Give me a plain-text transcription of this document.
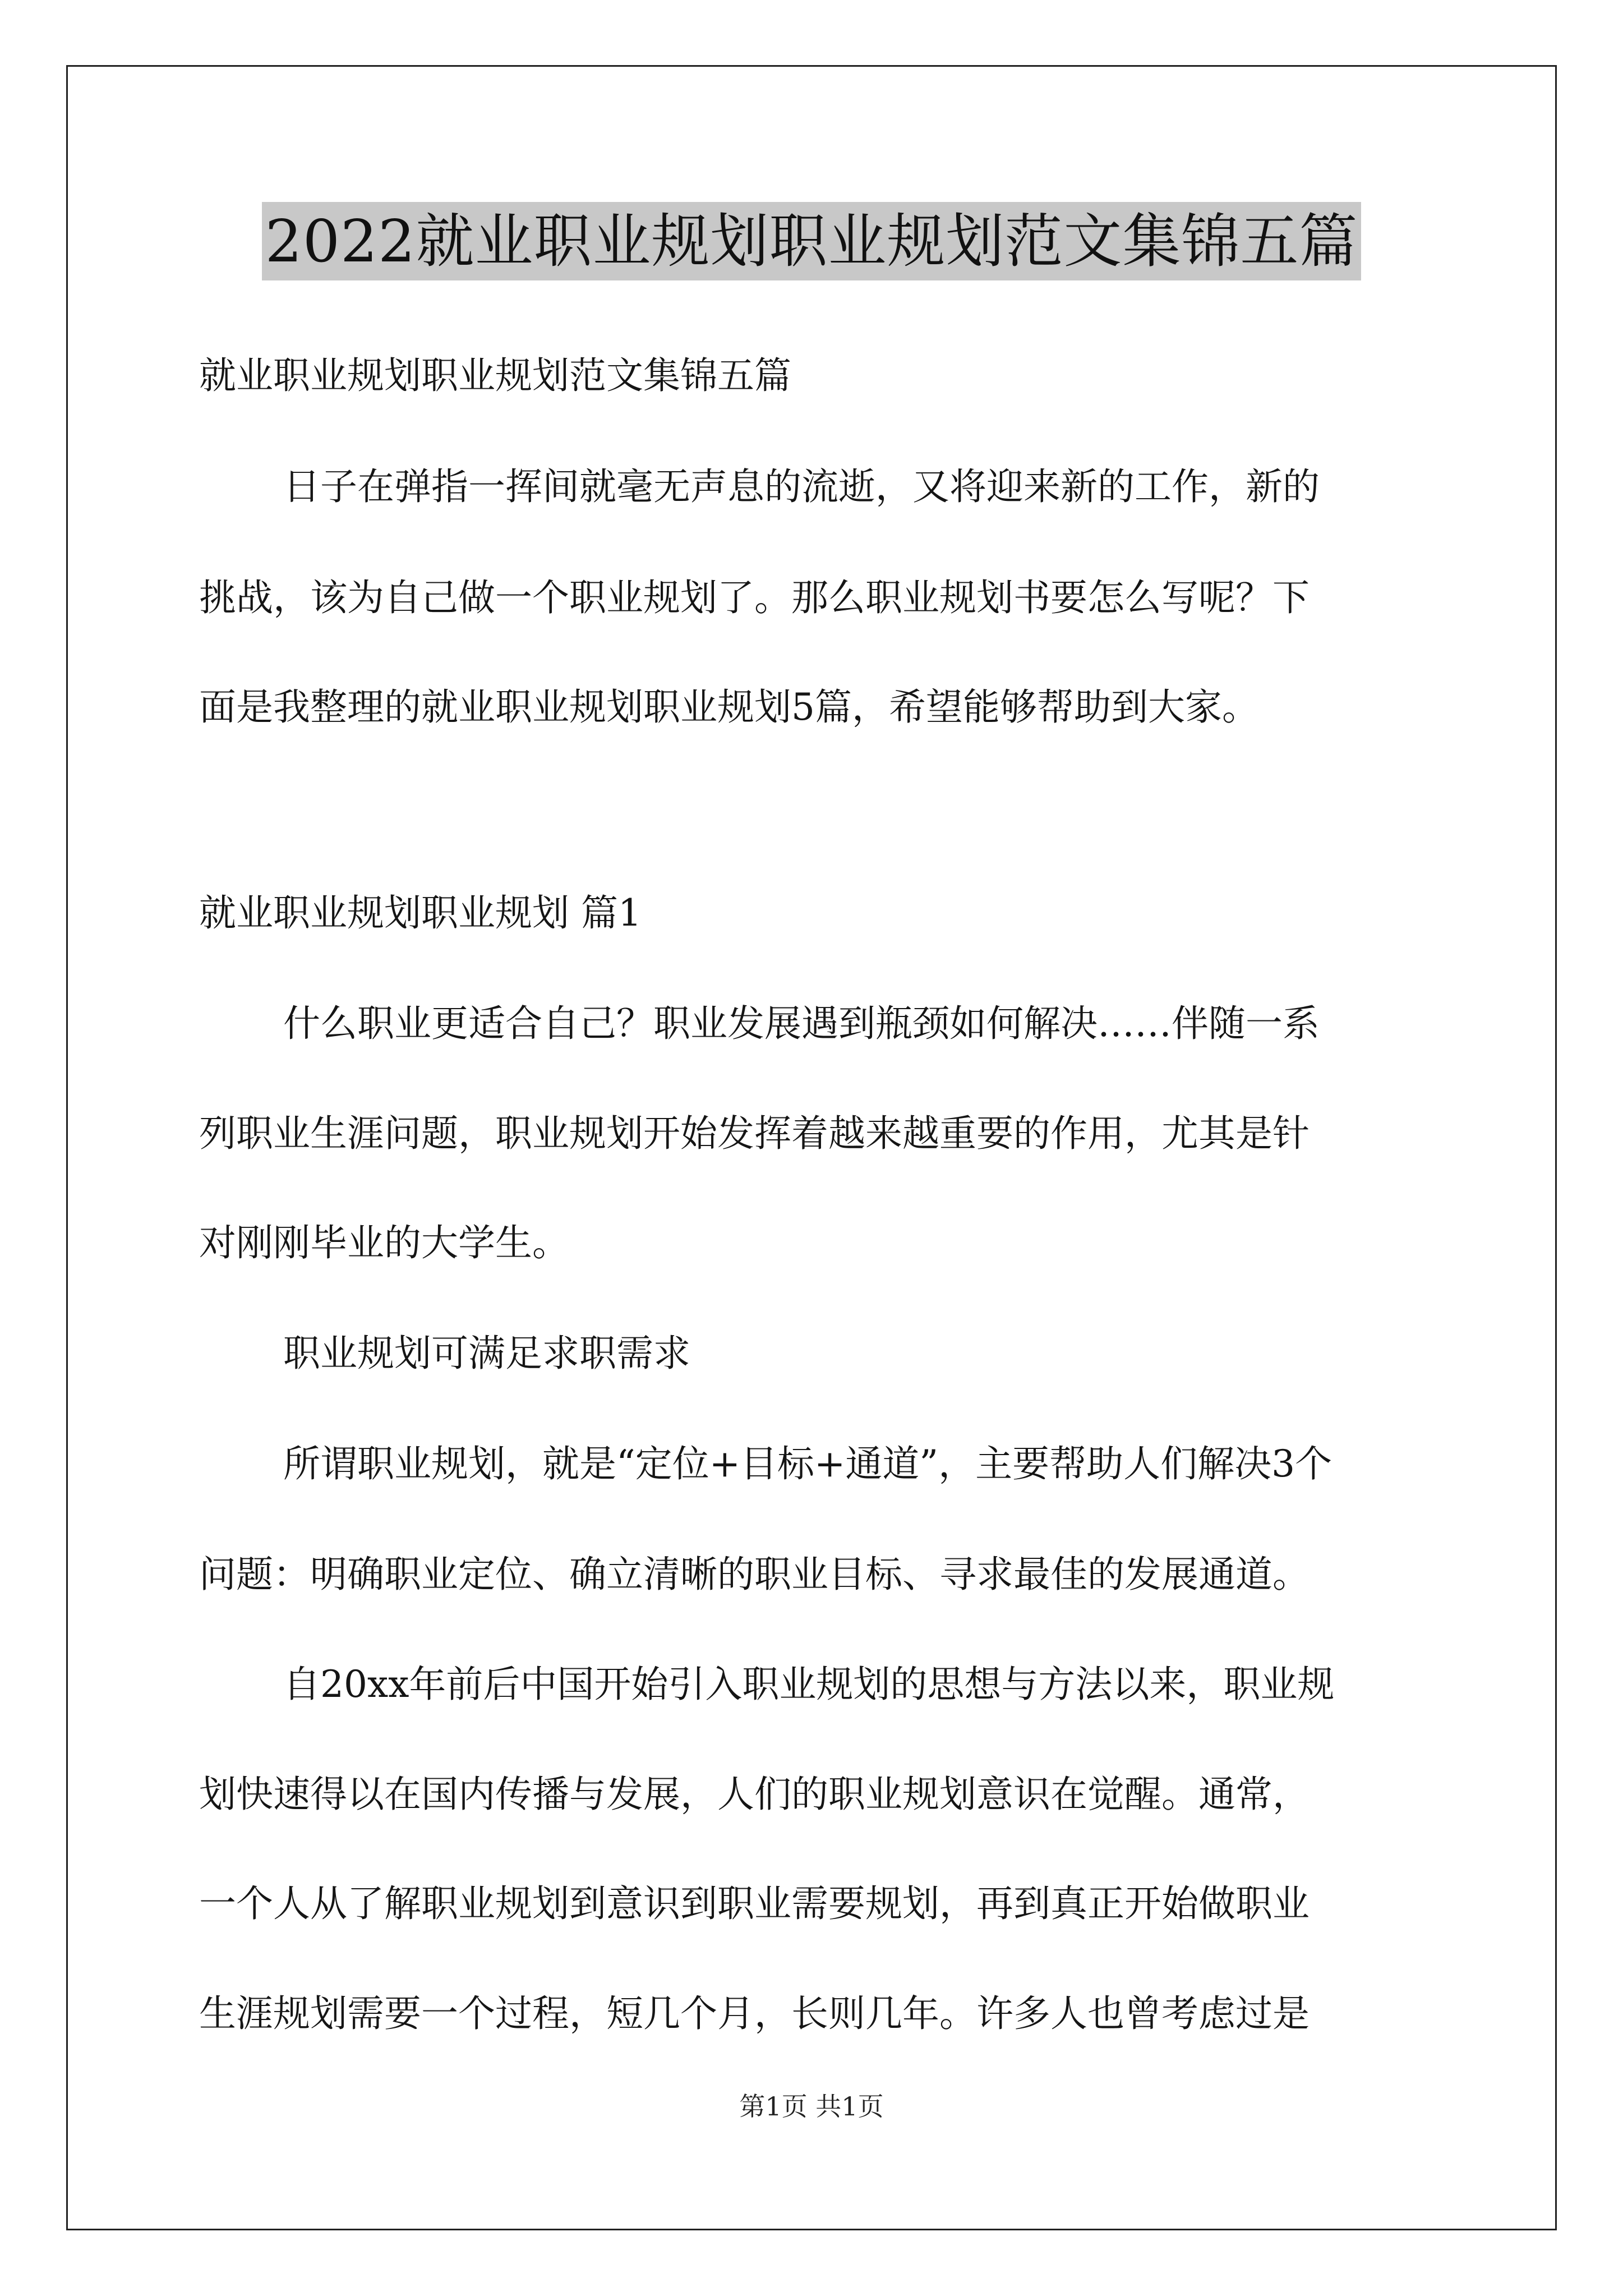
2022就业职业规划职业规划范文集锦五篇
就业职业规划职业规划范文集锦五篇
日子在弹指一挥间就毫无声息的流逝，又将迎来新的工作，新的
挑战，该为自己做一个职业规划了。那么职业规划书要怎么写呢？下
面是我整理的就业职业规划职业规划5篇，希望能够帮助到大家。
就业职业规划职业规划 篇1
什么职业更适合自己？职业发展遇到瓶颈如何解决……伴随一系
列职业生涯问题，职业规划开始发挥着越来越重要的作用，尤其是针
对刚刚毕业的大学生。
职业规划可满足求职需求
所谓职业规划，就是“定位+目标+通道”，主要帮助人们解决3个
问题：明确职业定位、确立清晰的职业目标、寻求最佳的发展通道。
自20xx年前后中国开始引入职业规划的思想与方法以来，职业规
划快速得以在国内传播与发展，人们的职业规划意识在觉醒。通常，
一个人从了解职业规划到意识到职业需要规划，再到真正开始做职业
生涯规划需要一个过程，短几个月，长则几年。许多人也曾考虑过是
第1页 共1页
